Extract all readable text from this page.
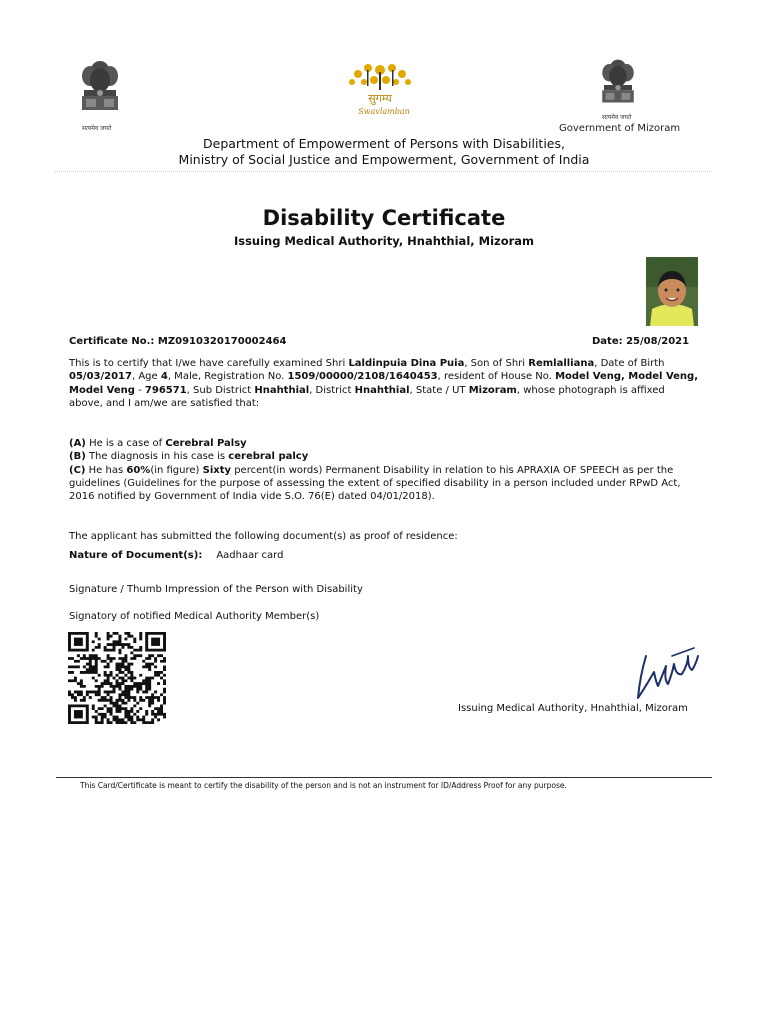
सत्यमेव जयते
सुगम्य
Swavlamban
सत्यमेव जयते
Government of Mizoram
Department of Empowerment of Persons with Disabilities,
Ministry of Social Justice and Empowerment, Government of India
Disability Certificate
Issuing Medical Authority, Hnahthial, Mizoram
Certificate No.: MZ0910320170002464	Date: 25/08/2021
This is to certify that I/we have carefully examined Shri Laldinpuia Dina Puia, Son of Shri Remlalliana, Date of Birth 05/03/2017, Age 4, Male, Registration No. 1509/00000/2108/1640453, resident of House No. Model Veng, Model Veng, Model Veng - 796571, Sub District Hnahthial, District Hnahthial, State / UT Mizoram, whose photograph is affixed above, and I am/we are satisfied that:
(A) He is a case of Cerebral Palsy
(B) The diagnosis in his case is cerebral palcy
(C) He has 60%(in figure) Sixty percent(in words) Permanent Disability in relation to his APRAXIA OF SPEECH as per the guidelines (Guidelines for the purpose of assessing the extent of specified disability in a person included under RPwD Act, 2016 notified by Government of India vide S.O. 76(E) dated 04/01/2018).
The applicant has submitted the following document(s) as proof of residence:
Nature of Document(s): Aadhaar card
Signature / Thumb Impression of the Person with Disability
Signatory of notified Medical Authority Member(s)
Issuing Medical Authority, Hnahthial, Mizoram
This Card/Certificate is meant to certify the disability of the person and is not an instrument for ID/Address Proof for any purpose.
